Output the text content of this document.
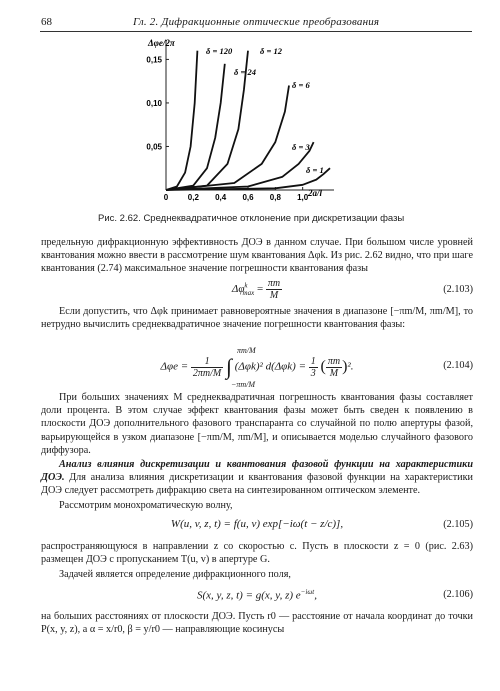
68	Гл. 2. Дифракционные оптические преобразования
0 0,2 0,4 0,6 0,8 1,0
0,05
0,10
0,15
δ = 120
δ = 24
δ = 12
δ = 6
δ = 3
δ = 1
Δφe/2π
2a/l
Рис. 2.62. Среднеквадратичное отклонение при дискретизации фазы

предельную дифракционную эффективность ДОЭ в данном случае. При большом числе уровней квантования можно ввести в рассмотрение шум квантования Δφk. Из рис. 2.62 видно, что при шаге квантования (2.74) максимальное значение погрешности квантования фазы

$\Delta\varphi^k_{max} = \frac{\pi m}{M}$	(2.103)

Если допустить, что Δφk принимает равновероятные значения в диапазоне [−πm/M, πm/M], то нетрудно вычислить среднеквадратичное значение погрешности квантования фазы:

$\Delta\varphi e = \frac{1}{2\pi m/M}$ ∫ (Δφk)² $d(\Delta\varphi k) = \frac{1}{3}$ ( $\frac{\pi m}{M} )^2$.
πm/M
−πm/M
(2.104)

При больших значениях M среднеквадратичная погрешность квантования фазы составляет доли процента. В этом случае эффект квантования фазы может быть сведен к появлению в плоскости ДОЭ дополнительного фазового транспаранта со случайной по полю апертуры фазой, варьирующейся в узком диапазоне [−πm/M, πm/M], и описывается моделью случайного фазового диффузора.

Анализ влияния дискретизации и квантования фазовой функции на характеристики ДОЭ. Для анализа влияния дискретизации и квантования фазовой функции на характеристики ДОЭ следует рассмотреть дифракцию света на синтезированном оптическом элементе.

Рассмотрим монохроматическую волну,

W(u, v, z, t) = f(u, v) exp[−iω(t − z/c)],	(2.105)

распространяющуюся в направлении z со скоростью c. Пусть в плоскости z = 0 (рис. 2.63) размещен ДОЭ с пропусканием T(u, v) в апертуре G.

Задачей является определение дифракционного поля,

S(x, y, z, t) = g(x, y, z) $e^{-i\omega t}$,	(2.106)

на больших расстояниях от плоскости ДОЭ. Пусть r0 — расстояние от начала координат до точки P(x, y, z), а α = x/r0, β = y/r0 — направляющие косинусы
